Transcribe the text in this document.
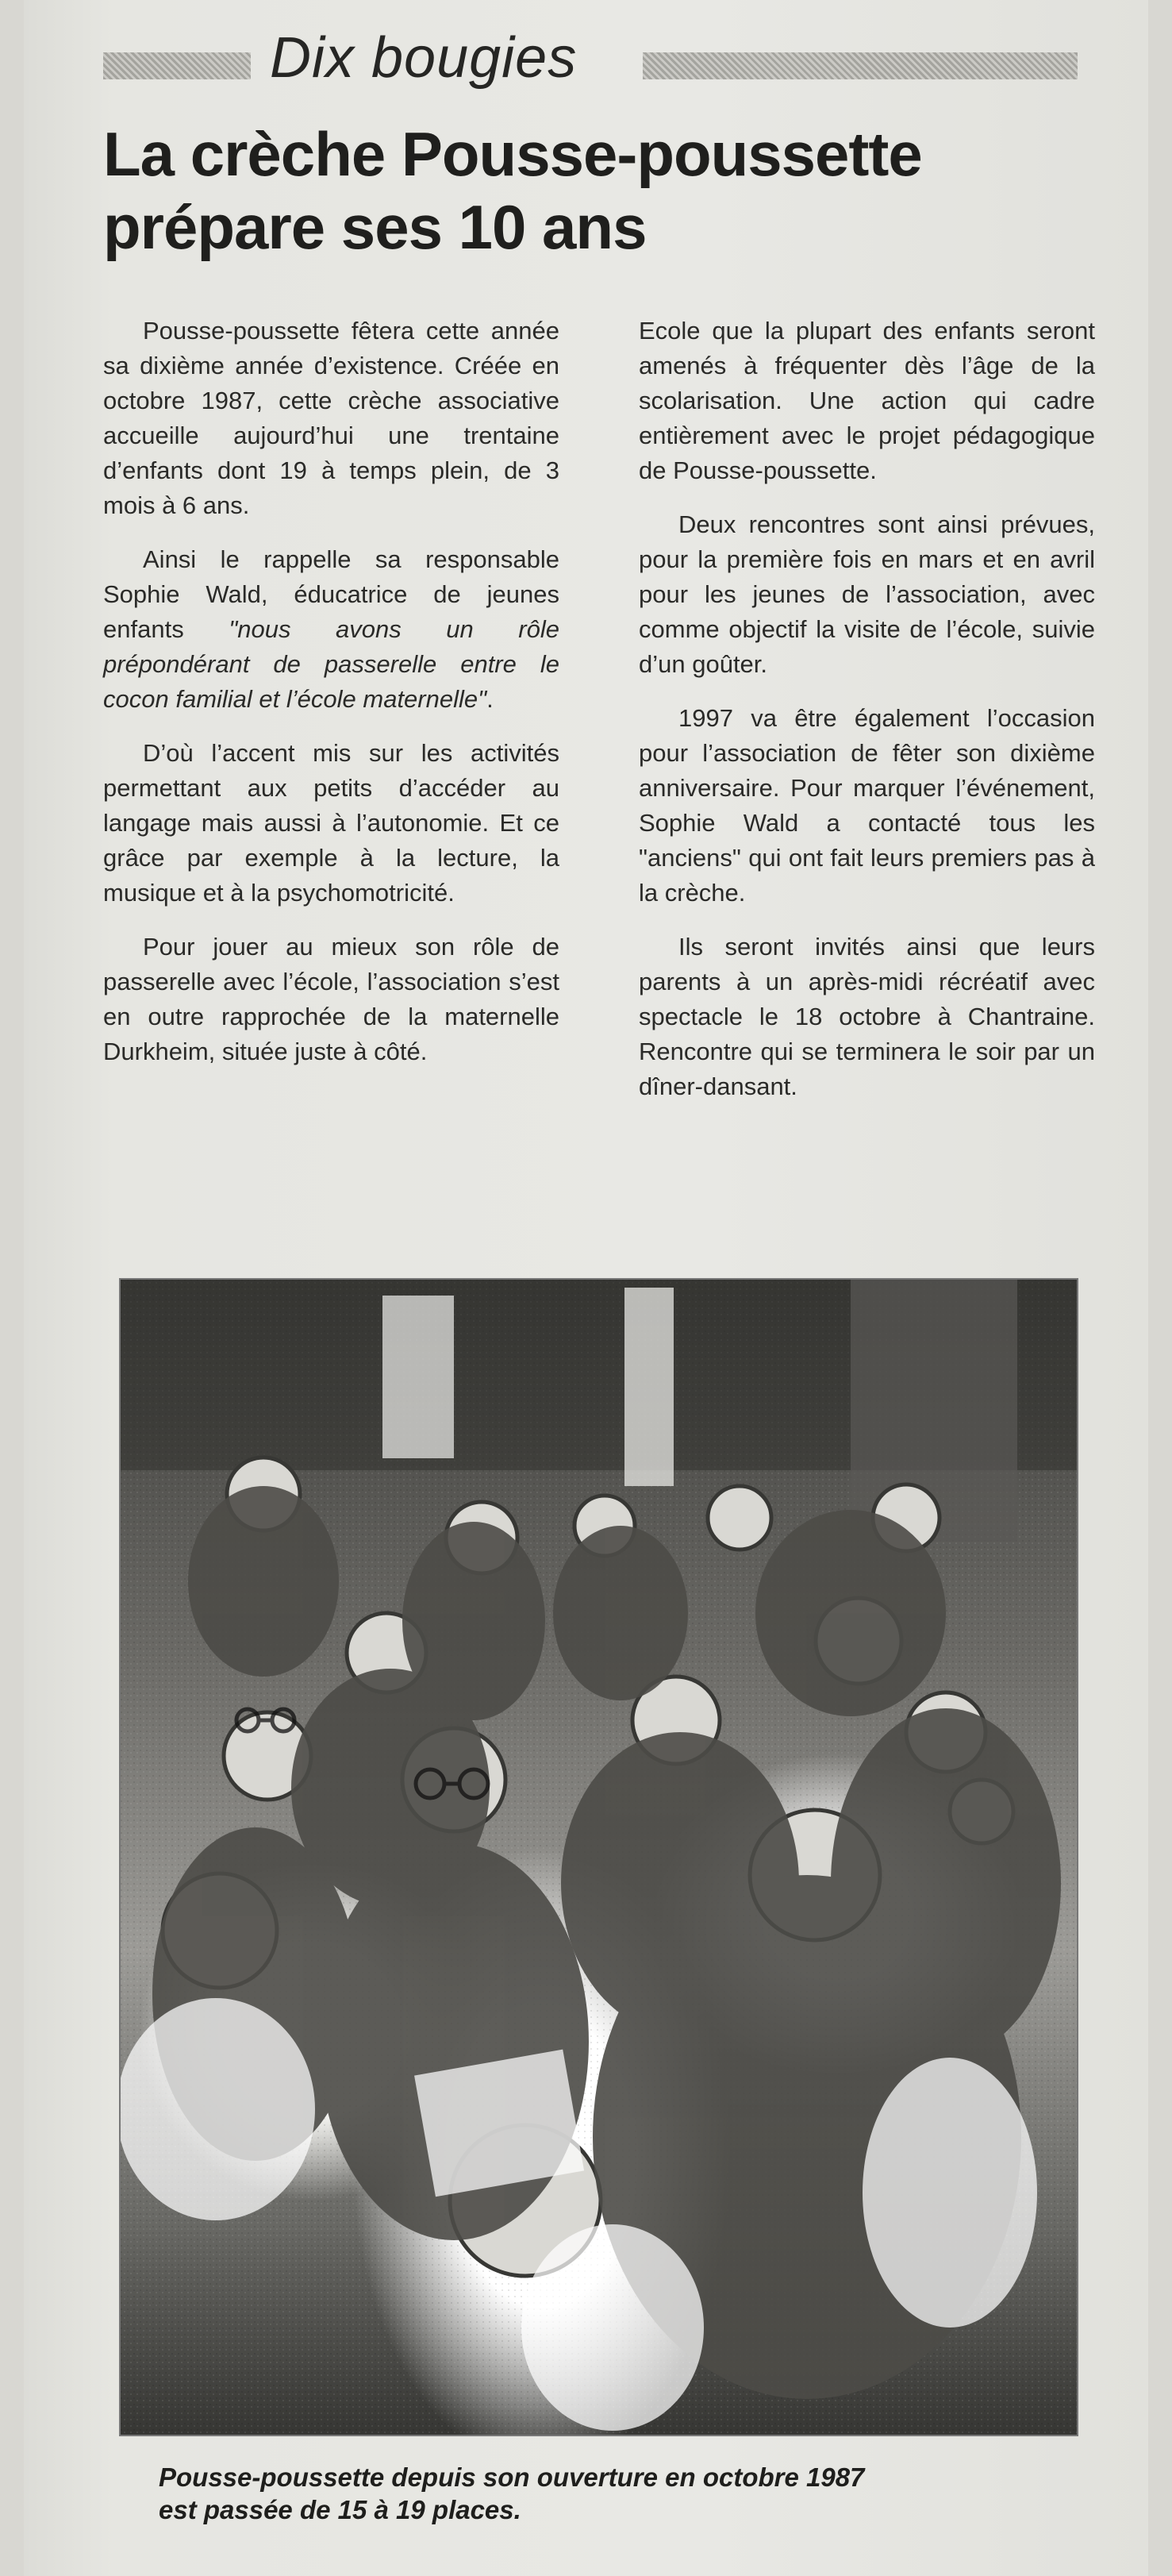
Dix bougies
La crèche Pousse-poussette
prépare ses 10 ans

Pousse-poussette fêtera cette année sa dixième année d’existence. Créée en octobre 1987, cette crèche associative accueille aujourd’hui une trentaine d’enfants dont 19 à temps plein, de 3 mois à 6 ans.

Ainsi le rappelle sa responsable Sophie Wald, éducatrice de jeunes enfants "nous avons un rôle prépondérant de passerelle entre le cocon familial et l’école maternelle".

D’où l’accent mis sur les activités permettant aux petits d’accéder au langage mais aussi à l’autonomie. Et ce grâce par exemple à la lecture, la musique et à la psychomotricité.

Pour jouer au mieux son rôle de passerelle avec l’école, l’association s’est en outre rapprochée de la maternelle Durkheim, située juste à côté.

Ecole que la plupart des enfants seront amenés à fréquenter dès l’âge de la scolarisation. Une action qui cadre entièrement avec le projet pédagogique de Pousse-poussette.

Deux rencontres sont ainsi prévues, pour la première fois en mars et en avril pour les jeunes de l’association, avec comme objectif la visite de l’école, suivie d’un goûter.

1997 va être également l’occasion pour l’association de fêter son dixième anniversaire. Pour marquer l’événement, Sophie Wald a contacté tous les "anciens" qui ont fait leurs premiers pas à la crèche.

Ils seront invités ainsi que leurs parents à un après-midi récréatif avec spectacle le 18 octobre à Chantraine. Rencontre qui se terminera le soir par un dîner-dansant.

Pousse-poussette depuis son ouverture en octobre 1987
est passée de 15 à 19 places.
